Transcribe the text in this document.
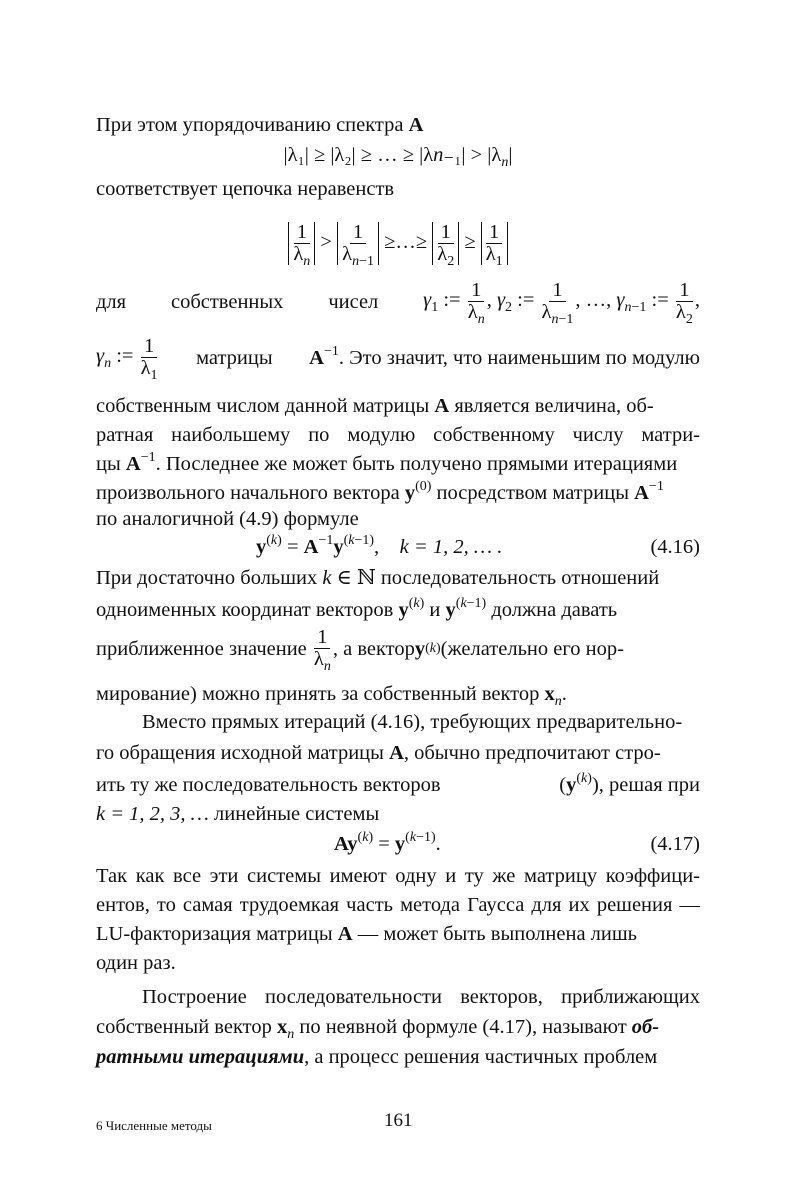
При этом упорядочиванию спектра A
|λ₁| ≥ |λ₂| ≥ … ≥ $|\lambda n_{-1}| > |\lambda_n|$
соответствует цепочка неравенств
$\frac{1}{\lambda_n} > \frac{1}{\lambda_{n-1}}$ ≥…≥ $\frac{1}{\lambda_2} \ge \frac{1}{\lambda_1}$
для собственных чисел $\gamma_1$ := $\frac{1}{\lambda_n}$ , $\gamma_2$ := $\frac{1}{\lambda_{n-1}}$ , …, $\gamma_{n-1}$ := $\frac{1}{\lambda_2}$ ,
$\gamma_n$ := $\frac{1}{\lambda_1}$ матрицы $A^{-1}$. Это значит, что наименьшим по модулю
собственным числом данной матрицы A является величина, об-
ратная наибольшему по модулю собственному числу матри-
цы $A^{-1}$. Последнее же может быть получено прямыми итерациями
произвольного начального вектора $y^{(0)}$ посредством матрицы $A^{-1}$
по аналогичной (4.9) формуле
$y^{(k)} = A^{-1}y^{(k-1)}$,    k = 1, 2, … .	(4.16)
При достаточно больших k ∈ ℕ последовательность отношений
одноименных координат векторов $y^{(k)}$ и $y^{(k-1)}$ должна давать
приближенное значение

1
$\lambda_n$
, а вектор y (k) (желательно его нор-
мирование) можно принять за собственный вектор $x_n$.
Вместо прямых итераций (4.16), требующих предварительно-
го обращения исходной матрицы A, обычно предпочитают стро-
ить ту же последовательность векторов	$(y^{(k)})$, решая при
k = 1, 2, 3, … линейные системы
$Ay^{(k)} = y^{(k-1)}$.	(4.17)
Так как все эти системы имеют одну и ту же матрицу коэффици-
ентов, то самая трудоемкая часть метода Гаусса для их решения —
LU-факторизация матрицы A — может быть выполнена лишь
один раз.
Построение последовательности векторов, приближающих
собственный вектор $x_n$ по неявной формуле (4.17), называют об-
ратными итерациями, а процесс решения частичных проблем
6 Численные методы	161
